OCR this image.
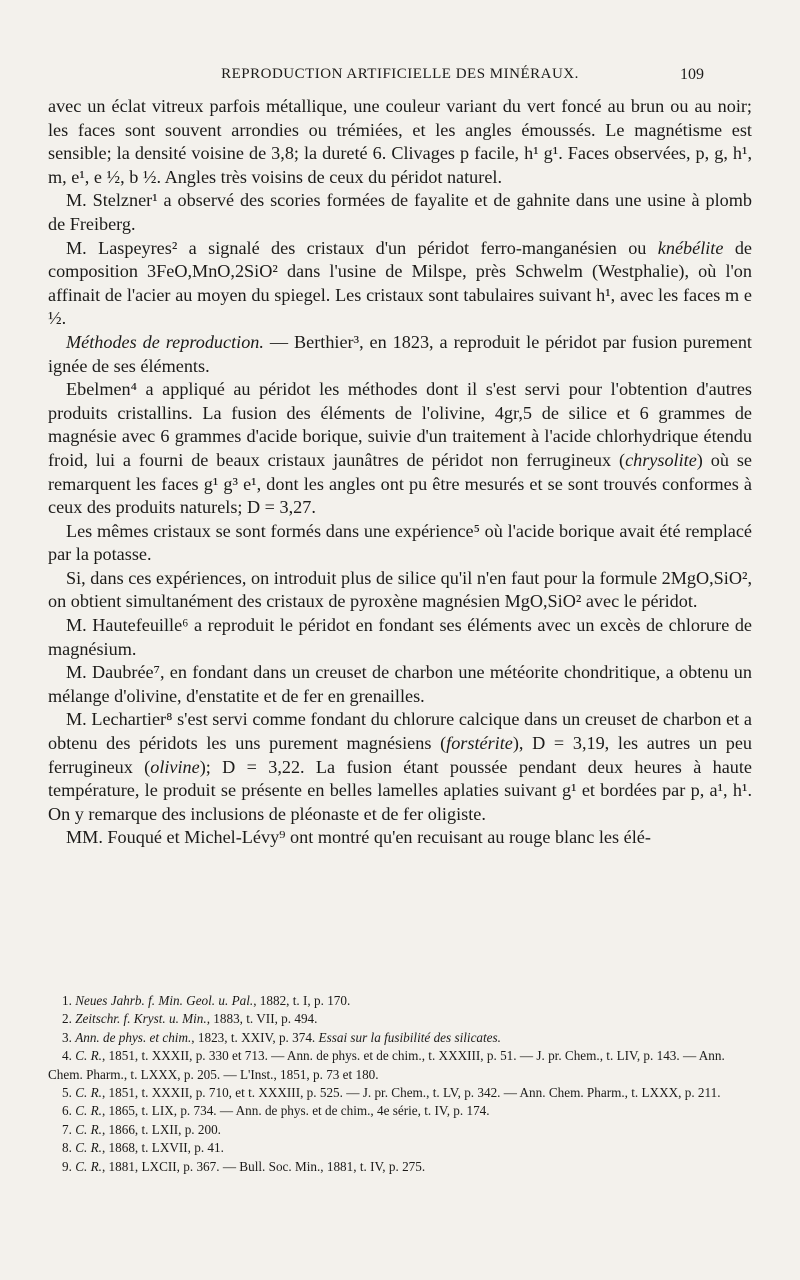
REPRODUCTION ARTIFICIELLE DES MINÉRAUX.	109

avec un éclat vitreux parfois métallique, une couleur variant du vert foncé au brun ou au noir; les faces sont souvent arrondies ou trémiées, et les angles émoussés. Le magnétisme est sensible; la densité voisine de 3,8; la dureté 6. Clivages p facile, h¹ g¹. Faces observées, p, g, h¹, m, e¹, e ½, b ½. Angles très voisins de ceux du péridot naturel.

M. Stelzner¹ a observé des scories formées de fayalite et de gahnite dans une usine à plomb de Freiberg.

M. Laspeyres² a signalé des cristaux d'un péridot ferro-manganésien ou knébélite de composition 3FeO,MnO,2SiO² dans l'usine de Milspe, près Schwelm (Westphalie), où l'on affinait de l'acier au moyen du spiegel. Les cristaux sont tabulaires suivant h¹, avec les faces m e ½.

Méthodes de reproduction. — Berthier³, en 1823, a reproduit le péridot par fusion purement ignée de ses éléments.

Ebelmen⁴ a appliqué au péridot les méthodes dont il s'est servi pour l'obtention d'autres produits cristallins. La fusion des éléments de l'olivine, 4gr,5 de silice et 6 grammes de magnésie avec 6 grammes d'acide borique, suivie d'un traitement à l'acide chlorhydrique étendu froid, lui a fourni de beaux cristaux jaunâtres de péridot non ferrugineux (chrysolite) où se remarquent les faces g¹ g³ e¹, dont les angles ont pu être mesurés et se sont trouvés conformes à ceux des produits naturels; D = 3,27.

Les mêmes cristaux se sont formés dans une expérience⁵ où l'acide borique avait été remplacé par la potasse.

Si, dans ces expériences, on introduit plus de silice qu'il n'en faut pour la formule 2MgO,SiO², on obtient simultanément des cristaux de pyroxène magnésien MgO,SiO² avec le péridot.

M. Hautefeuille⁶ a reproduit le péridot en fondant ses éléments avec un excès de chlorure de magnésium.

M. Daubrée⁷, en fondant dans un creuset de charbon une météorite chondritique, a obtenu un mélange d'olivine, d'enstatite et de fer en grenailles.

M. Lechartier⁸ s'est servi comme fondant du chlorure calcique dans un creuset de charbon et a obtenu des péridots les uns purement magnésiens (forstérite), D = 3,19, les autres un peu ferrugineux (olivine); D = 3,22. La fusion étant poussée pendant deux heures à haute température, le produit se présente en belles lamelles aplaties suivant g¹ et bordées par p, a¹, h¹. On y remarque des inclusions de pléonaste et de fer oligiste.

MM. Fouqué et Michel-Lévy⁹ ont montré qu'en recuisant au rouge blanc les élé-

1. Neues Jahrb. f. Min. Geol. u. Pal., 1882, t. I, p. 170.

2. Zeitschr. f. Kryst. u. Min., 1883, t. VII, p. 494.

3. Ann. de phys. et chim., 1823, t. XXIV, p. 374. Essai sur la fusibilité des silicates.

4. C. R., 1851, t. XXXII, p. 330 et 713. — Ann. de phys. et de chim., t. XXXIII, p. 51. — J. pr. Chem., t. LIV, p. 143. — Ann. Chem. Pharm., t. LXXX, p. 205. — L'Inst., 1851, p. 73 et 180.

5. C. R., 1851, t. XXXII, p. 710, et t. XXXIII, p. 525. — J. pr. Chem., t. LV, p. 342. — Ann. Chem. Pharm., t. LXXX, p. 211.

6. C. R., 1865, t. LIX, p. 734. — Ann. de phys. et de chim., 4e série, t. IV, p. 174.

7. C. R., 1866, t. LXII, p. 200.

8. C. R., 1868, t. LXVII, p. 41.

9. C. R., 1881, LXCII, p. 367. — Bull. Soc. Min., 1881, t. IV, p. 275.
